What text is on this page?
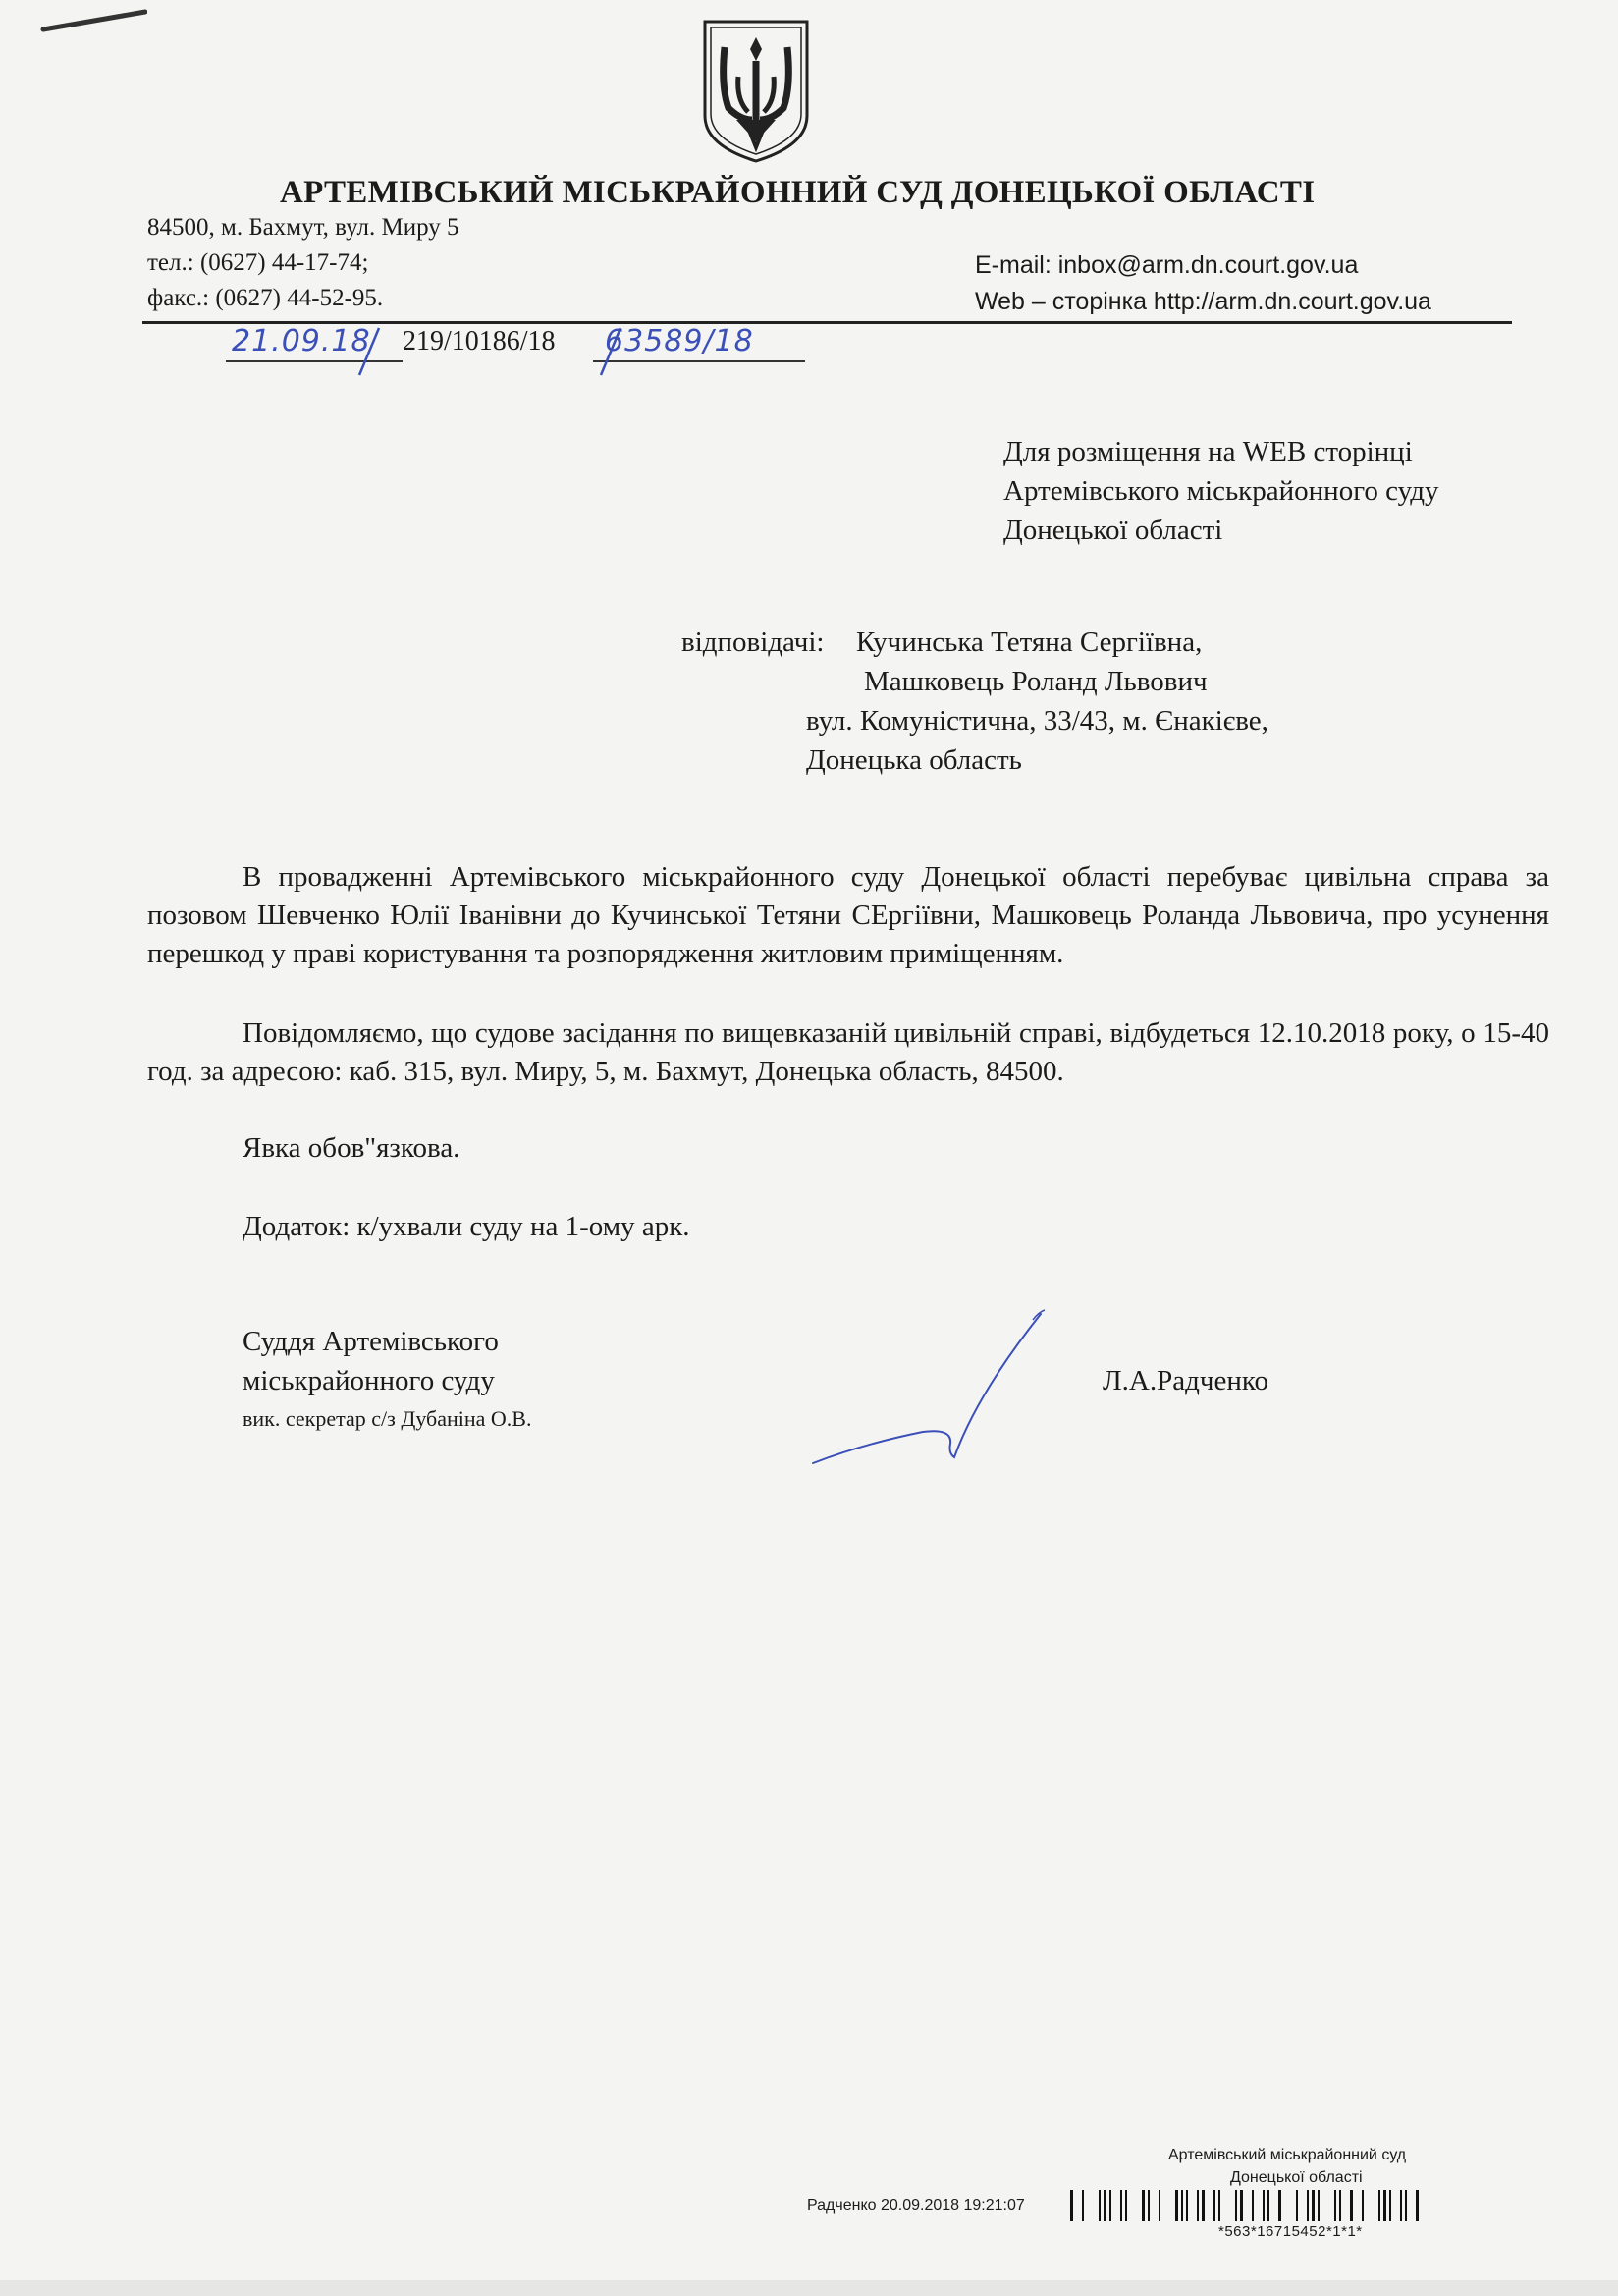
АРТЕМІВСЬКИЙ МІСЬКРАЙОННИЙ СУД ДОНЕЦЬКОЇ ОБЛАСТІ
84500, м. Бахмут, вул. Миру 5
тел.: (0627) 44-17-74;
факс.: (0627) 44-52-95.
E-mail: inbox@arm.dn.court.gov.ua
Web – сторінка http://arm.dn.court.gov.ua
21.09.18 219/10186/18 63589/18
Для розміщення на WEB сторінці
Артемівського міськрайонного суду
Донецької області
відповідачі: Кучинська Тетяна Сергіївна,
Машковець Роланд Львович
вул. Комуністична, 33/43, м. Єнакієве,
Донецька область
В провадженні Артемівського міськрайонного суду Донецької області перебуває цивільна справа за позовом Шевченко Юлії Іванівни до Кучинської Тетяни СЕргіївни, Машковець Роланда Львовича, про усунення перешкод у праві користування та розпорядження житловим приміщенням.
Повідомляємо, що судове засідання по вищевказаній цивільній справі, відбудеться 12.10.2018 року, о 15-40 год. за адресою: каб. 315, вул. Миру, 5, м. Бахмут, Донецька область, 84500.
Явка обов"язкова.
Додаток: к/ухвали суду на 1-ому арк.
Суддя Артемівського
міськрайонного суду
вик. секретар с/з Дубаніна О.В.
Л.А.Радченко
Артемівський міськрайонний суд
Донецької області
Радченко 20.09.2018 19:21:07
*563*16715452*1*1*
